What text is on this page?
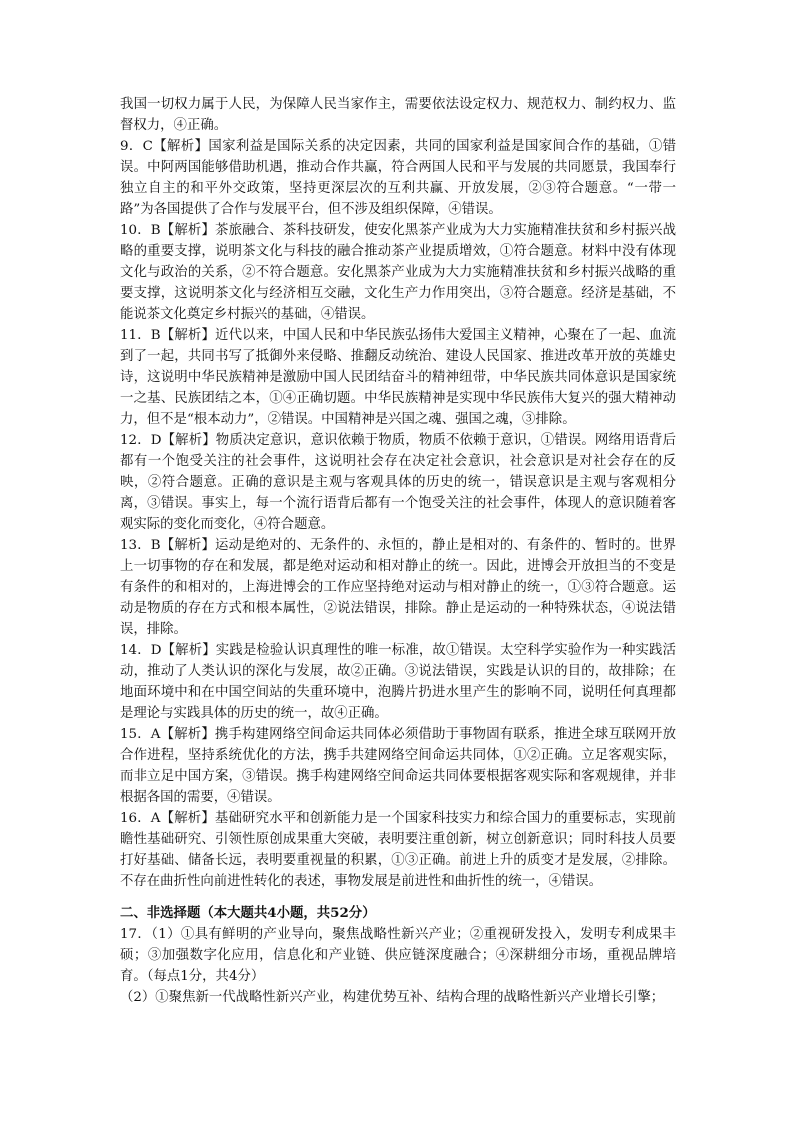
我国一切权力属于人民，为保障人民当家作主，需要依法设定权力、规范权力、制约权力、监督权力，④正确。

9．C【解析】国家利益是国际关系的决定因素，共同的国家利益是国家间合作的基础，①错误。中阿两国能够借助机遇，推动合作共赢，符合两国人民和平与发展的共同愿景，我国奉行独立自主的和平外交政策，坚持更深层次的互利共赢、开放发展，②③符合题意。“一带一路”为各国提供了合作与发展平台，但不涉及组织保障，④错误。

10．B【解析】茶旅融合、茶科技研发，使安化黑茶产业成为大力实施精准扶贫和乡村振兴战略的重要支撑，说明茶文化与科技的融合推动茶产业提质增效，①符合题意。材料中没有体现文化与政治的关系，②不符合题意。安化黑茶产业成为大力实施精准扶贫和乡村振兴战略的重要支撑，这说明茶文化与经济相互交融，文化生产力作用突出，③符合题意。经济是基础，不能说茶文化奠定乡村振兴的基础，④错误。

11．B【解析】近代以来，中国人民和中华民族弘扬伟大爱国主义精神，心聚在了一起、血流到了一起，共同书写了抵御外来侵略、推翻反动统治、建设人民国家、推进改革开放的英雄史诗，这说明中华民族精神是激励中国人民团结奋斗的精神纽带，中华民族共同体意识是国家统一之基、民族团结之本，①④正确切题。中华民族精神是实现中华民族伟大复兴的强大精神动力，但不是“根本动力”，②错误。中国精神是兴国之魂、强国之魂，③排除。

12．D【解析】物质决定意识，意识依赖于物质，物质不依赖于意识，①错误。网络用语背后都有一个饱受关注的社会事件，这说明社会存在决定社会意识，社会意识是对社会存在的反映，②符合题意。正确的意识是主观与客观具体的历史的统一，错误意识是主观与客观相分离，③错误。事实上，每一个流行语背后都有一个饱受关注的社会事件，体现人的意识随着客观实际的变化而变化，④符合题意。

13．B【解析】运动是绝对的、无条件的、永恒的，静止是相对的、有条件的、暂时的。世界上一切事物的存在和发展，都是绝对运动和相对静止的统一。因此，进博会开放担当的不变是有条件的和相对的，上海进博会的工作应坚持绝对运动与相对静止的统一，①③符合题意。运动是物质的存在方式和根本属性，②说法错误，排除。静止是运动的一种特殊状态，④说法错误，排除。

14．D【解析】实践是检验认识真理性的唯一标准，故①错误。太空科学实验作为一种实践活动，推动了人类认识的深化与发展，故②正确。③说法错误，实践是认识的目的，故排除；在地面环境中和在中国空间站的失重环境中，泡腾片扔进水里产生的影响不同，说明任何真理都是理论与实践具体的历史的统一，故④正确。

15．A【解析】携手构建网络空间命运共同体必须借助于事物固有联系，推进全球互联网开放合作进程，坚持系统优化的方法，携手共建网络空间命运共同体，①②正确。立足客观实际，而非立足中国方案，③错误。携手构建网络空间命运共同体要根据客观实际和客观规律，并非根据各国的需要，④错误。

16．A【解析】基础研究水平和创新能力是一个国家科技实力和综合国力的重要标志，实现前瞻性基础研究、引领性原创成果重大突破，表明要注重创新，树立创新意识；同时科技人员要打好基础、储备长远，表明要重视量的积累，①③正确。前进上升的质变才是发展，②排除。不存在曲折性向前进性转化的表述，事物发展是前进性和曲折性的统一，④错误。

二、非选择题（本大题共4小题，共52分）

17．（1）①具有鲜明的产业导向，聚焦战略性新兴产业；②重视研发投入，发明专利成果丰硕；③加强数字化应用，信息化和产业链、供应链深度融合；④深耕细分市场，重视品牌培育。（每点1分，共4分）

（2）①聚焦新一代战略性新兴产业，构建优势互补、结构合理的战略性新兴产业增长引擎；
